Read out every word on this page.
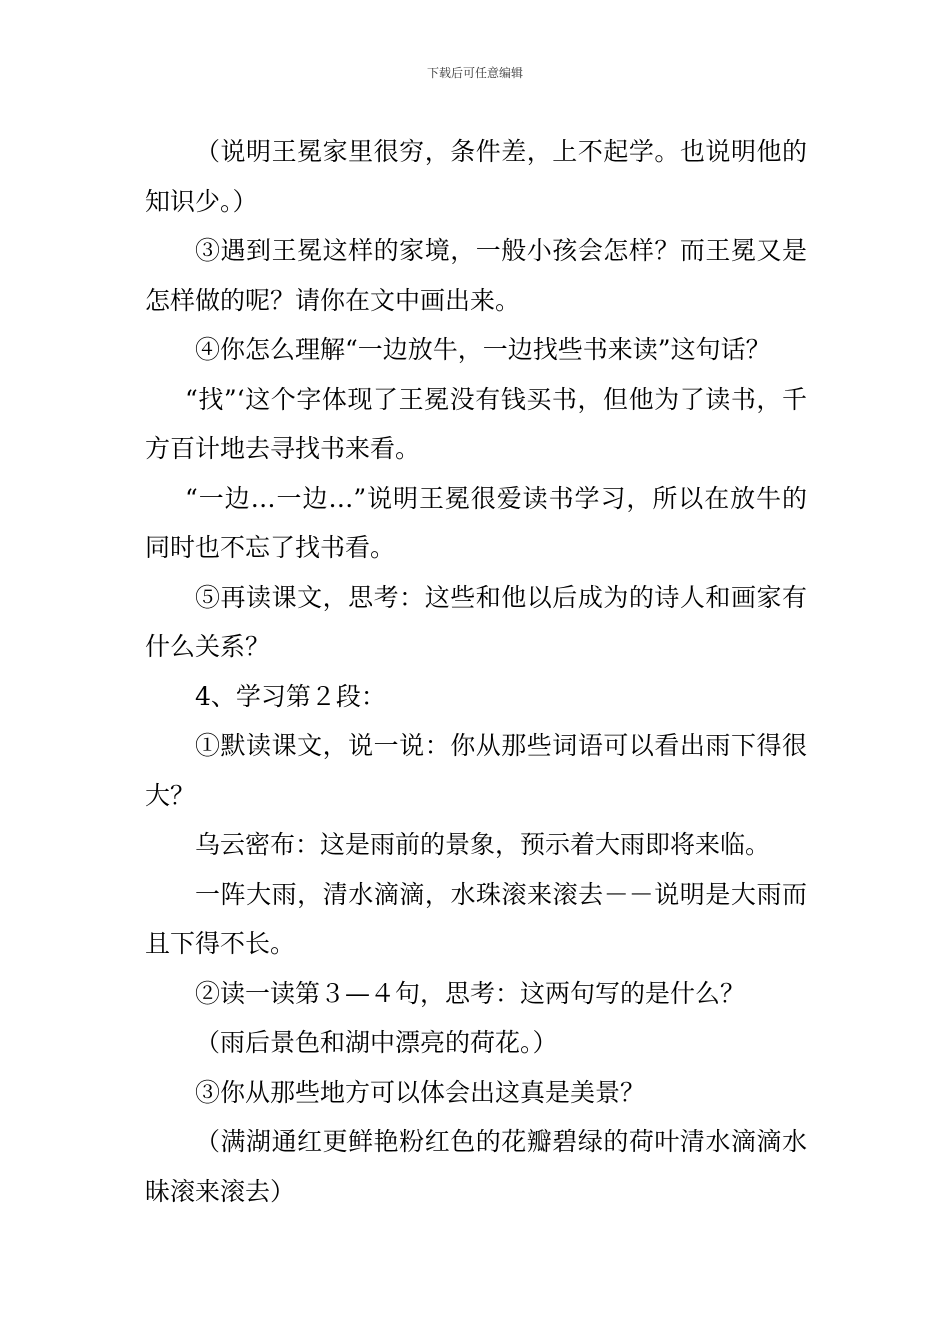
下载后可任意编辑

（说明王冕家里很穷，条件差，上不起学。也说明他的知识少。）

③遇到王冕这样的家境，一般小孩会怎样？而王冕又是怎样做的呢？请你在文中画出来。

④你怎么理解“一边放牛，一边找些书来读”这句话？

“找”‘这个字体现了王冕没有钱买书，但他为了读书，千方百计地去寻找书来看。

“一边…一边…”说明王冕很爱读书学习，所以在放牛的同时也不忘了找书看。

⑤再读课文，思考：这些和他以后成为的诗人和画家有什么关系？

4、学习第２段：

①默读课文，说一说：你从那些词语可以看出雨下得很大？

乌云密布：这是雨前的景象，预示着大雨即将来临。

一阵大雨，清水滴滴，水珠滚来滚去－－说明是大雨而且下得不长。

②读一读第３—４句，思考：这两句写的是什么？

（雨后景色和湖中漂亮的荷花。）

③你从那些地方可以体会出这真是美景？

（满湖通红更鲜艳粉红色的花瓣碧绿的荷叶清水滴滴水昧滚来滚去）
